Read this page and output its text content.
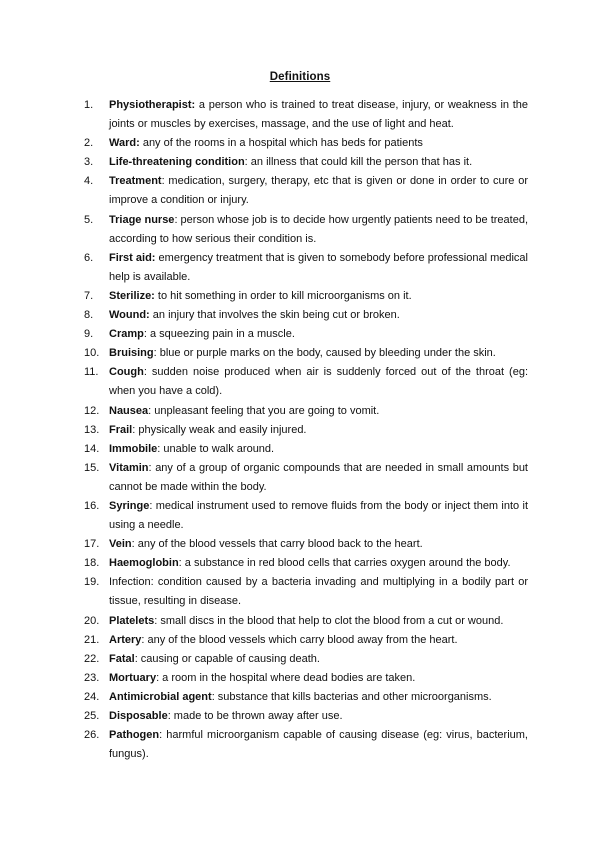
Definitions
1. Physiotherapist: a person who is trained to treat disease, injury, or weakness in the joints or muscles by exercises, massage, and the use of light and heat.
2. Ward: any of the rooms in a hospital which has beds for patients
3. Life-threatening condition: an illness that could kill the person that has it.
4. Treatment: medication, surgery, therapy, etc that is given or done in order to cure or improve a condition or injury.
5. Triage nurse: person whose job is to decide how urgently patients need to be treated, according to how serious their condition is.
6. First aid: emergency treatment that is given to somebody before professional medical help is available.
7. Sterilize: to hit something in order to kill microorganisms on it.
8. Wound: an injury that involves the skin being cut or broken.
9. Cramp: a squeezing pain in a muscle.
10. Bruising: blue or purple marks on the body, caused by bleeding under the skin.
11. Cough: sudden noise produced when air is suddenly forced out of the throat (eg: when you have a cold).
12. Nausea: unpleasant feeling that you are going to vomit.
13. Frail: physically weak and easily injured.
14. Immobile: unable to walk around.
15. Vitamin: any of a group of organic compounds that are needed in small amounts but cannot be made within the body.
16. Syringe: medical instrument used to remove fluids from the body or inject them into it using a needle.
17. Vein: any of the blood vessels that carry blood back to the heart.
18. Haemoglobin: a substance in red blood cells that carries oxygen around the body.
19. Infection: condition caused by a bacteria invading and multiplying in a bodily part or tissue, resulting in disease.
20. Platelets: small discs in the blood that help to clot the blood from a cut or wound.
21. Artery: any of the blood vessels which carry blood away from the heart.
22. Fatal: causing or capable of causing death.
23. Mortuary: a room in the hospital where dead bodies are taken.
24. Antimicrobial agent: substance that kills bacterias and other microorganisms.
25. Disposable: made to be thrown away after use.
26. Pathogen: harmful microorganism capable of causing disease (eg: virus, bacterium, fungus).
